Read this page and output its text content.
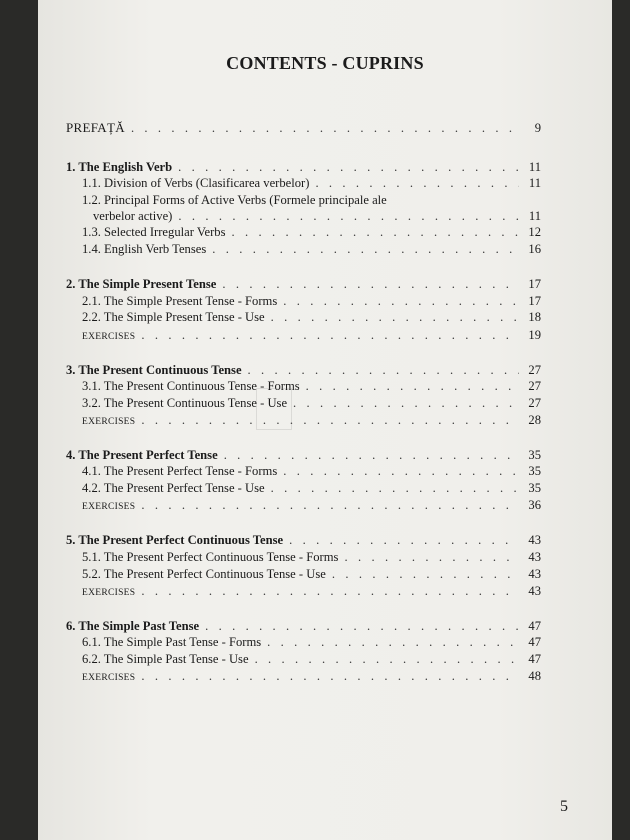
CONTENTS - CUPRINS
PREFAȚĂ . . .	9
1. The English Verb . . .	11
1.1. Division of Verbs (Clasificarea verbelor) . . .	11
1.2. Principal Forms of Active Verbs (Formele principale ale
verbelor active) . . .	11
1.3. Selected Irregular Verbs . . .	12
1.4. English Verb Tenses . . .	16
2. The Simple Present Tense . . .	17
2.1. The Simple Present Tense - Forms . . .	17
2.2. The Simple Present Tense - Use . . .	18
EXERCISES . . .	19
3. The Present Continuous Tense . . .	27
3.1. The Present Continuous Tense - Forms . . .	27
3.2. The Present Continuous Tense - Use . . .	27
EXERCISES . . .	28
4. The Present Perfect Tense . . .	35
4.1. The Present Perfect Tense - Forms . . .	35
4.2. The Present Perfect Tense - Use . . .	35
EXERCISES . . .	36
5. The Present Perfect Continuous Tense . . .	43
5.1. The Present Perfect Continuous Tense - Forms . . .	43
5.2. The Present Perfect Continuous Tense - Use . . .	43
EXERCISES . . .	43
6. The Simple Past Tense . . .	47
6.1. The Simple Past Tense - Forms . . .	47
6.2. The Simple Past Tense - Use . . .	47
EXERCISES . . .	48
5
